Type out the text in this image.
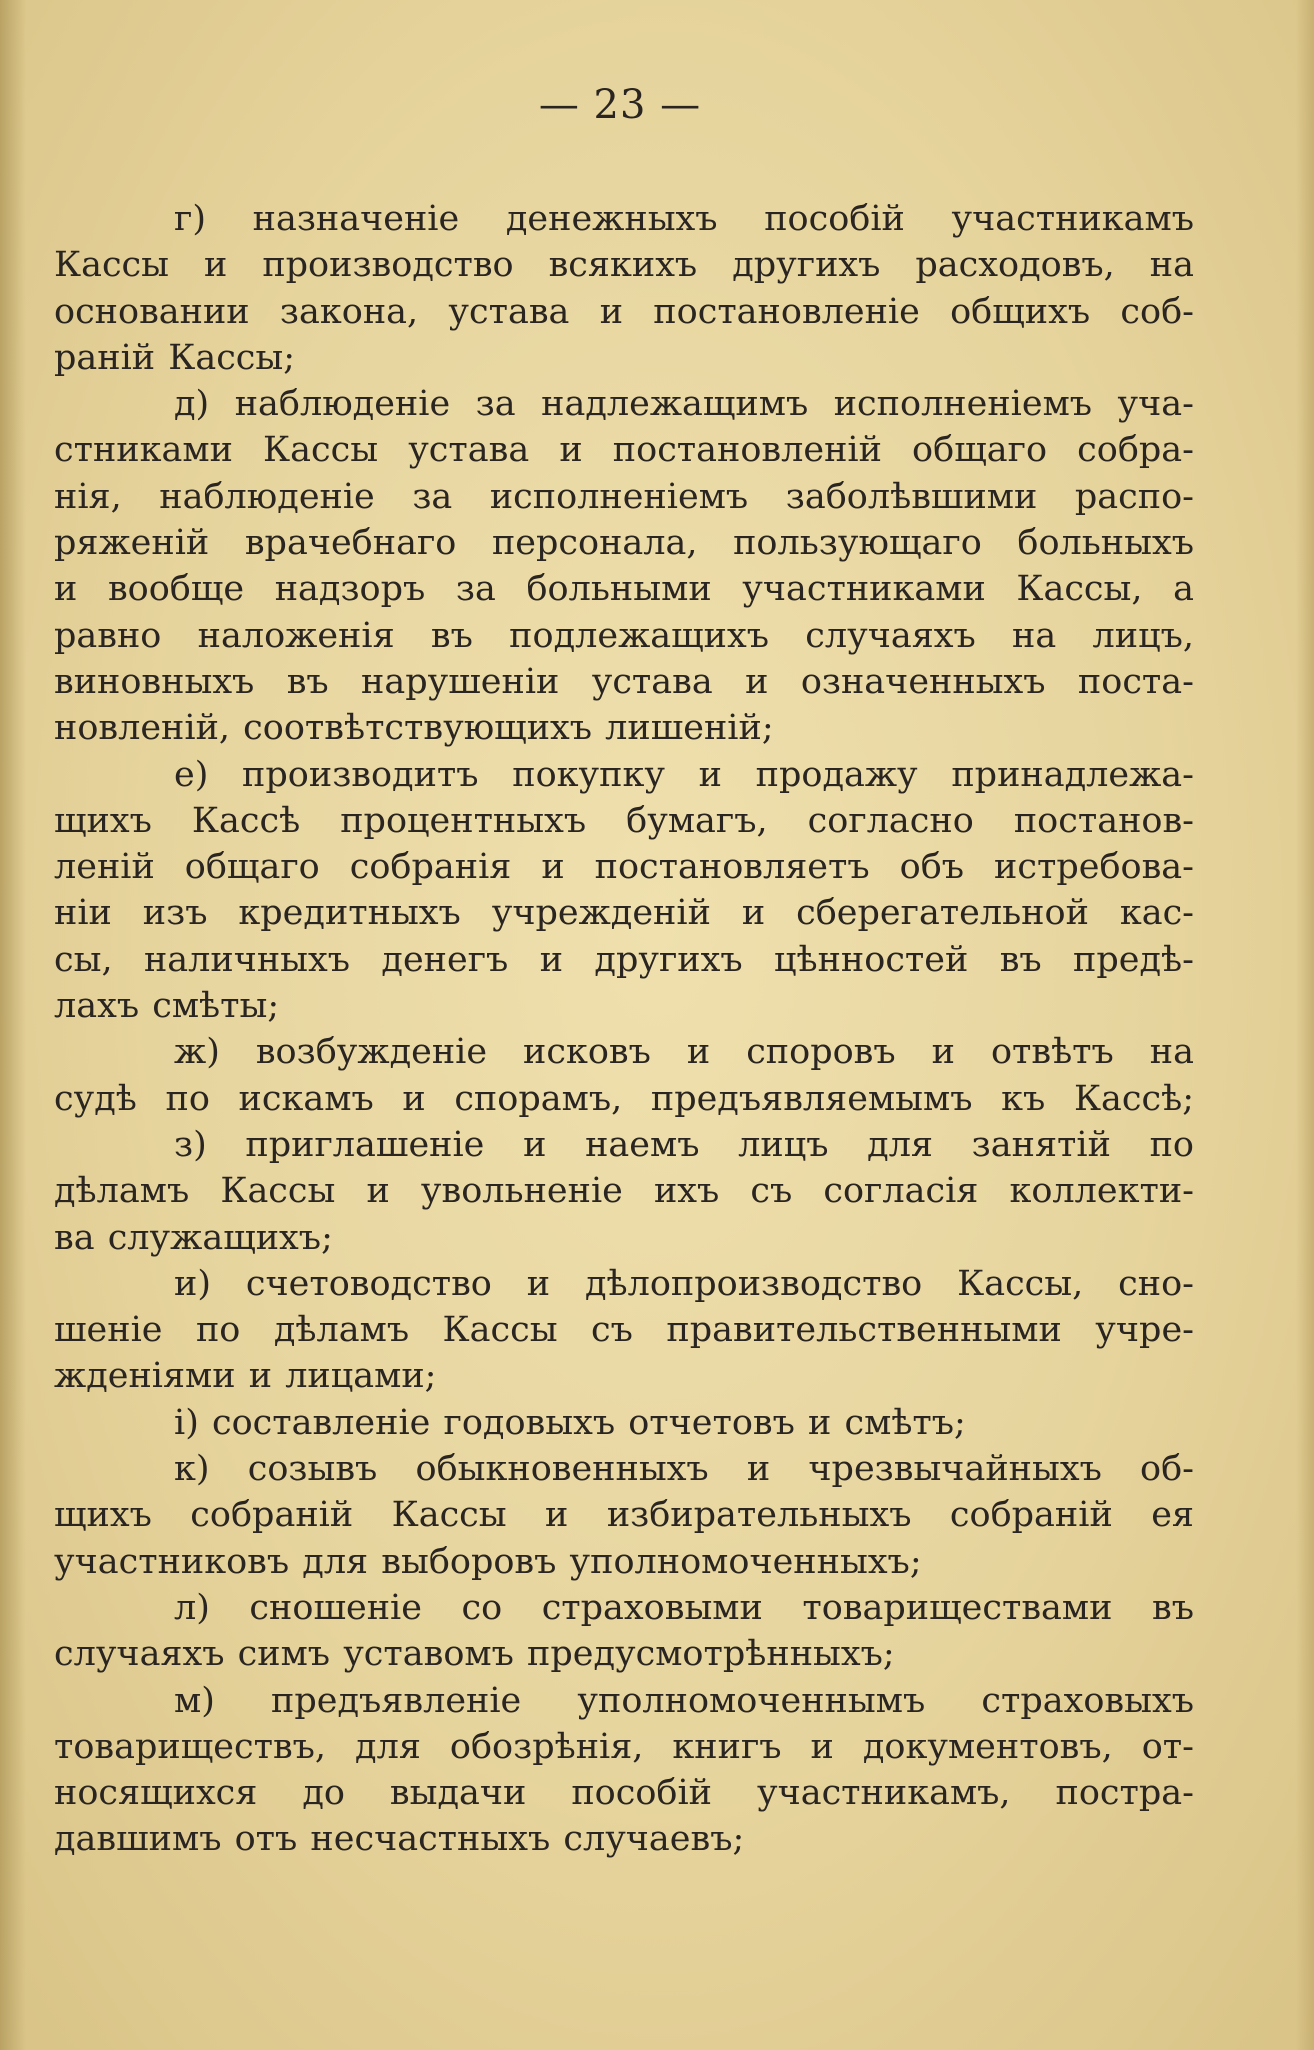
— 23 —
г) назначеніе денежныхъ пособій участникамъ
Кассы и производство всякихъ другихъ расходовъ, на
основании закона, устава и постановленіе общихъ соб-
раній Кассы;
д) наблюденіе за надлежащимъ исполненіемъ уча-
стниками Кассы устава и постановленій общаго собра-
нія, наблюденіе за исполненіемъ заболѣвшими распо-
ряженій врачебнаго персонала, пользующаго больныхъ
и вообще надзоръ за больными участниками Кассы, а
равно наложенія въ подлежащихъ случаяхъ на лицъ,
виновныхъ въ нарушеніи устава и означенныхъ поста-
новленій, соотвѣтствующихъ лишеній;
е) производитъ покупку и продажу принадлежа-
щихъ Кассѣ процентныхъ бумагъ, согласно постанов-
леній общаго собранія и постановляетъ объ истребова-
ніи изъ кредитныхъ учрежденій и сберегательной кас-
сы, наличныхъ денегъ и другихъ цѣнностей въ предѣ-
лахъ смѣты;
ж) возбужденіе исковъ и споровъ и отвѣтъ на
судѣ по искамъ и спорамъ, предъявляемымъ къ Кассѣ;
з) приглашеніе и наемъ лицъ для занятій по
дѣламъ Кассы и увольненіе ихъ съ согласія коллекти-
ва служащихъ;
и) счетоводство и дѣлопроизводство Кассы, сно-
шеніе по дѣламъ Кассы съ правительственными учре-
жденіями и лицами;
і) составленіе годовыхъ отчетовъ и смѣтъ;
к) созывъ обыкновенныхъ и чрезвычайныхъ об-
щихъ собраній Кассы и избирательныхъ собраній ея
участниковъ для выборовъ уполномоченныхъ;
л) сношеніе со страховыми товариществами въ
случаяхъ симъ уставомъ предусмотрѣнныхъ;
м) предъявленіе уполномоченнымъ страховыхъ
товариществъ, для обозрѣнія, книгъ и документовъ, от-
носящихся до выдачи пособій участникамъ, постра-
давшимъ отъ несчастныхъ случаевъ;
